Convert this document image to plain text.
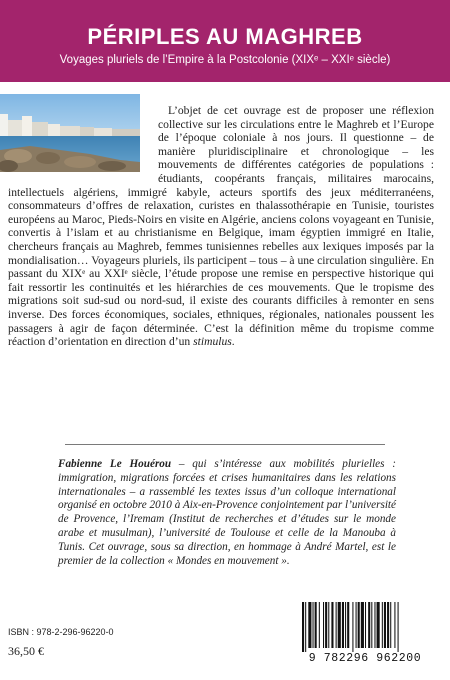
PÉRIPLES AU MAGHREB
Voyages pluriels de l’Empire à la Postcolonie (XIXᵉ – XXIᵉ siècle)
L’objet de cet ouvrage est de proposer une réflexion collective sur les circulations entre le Maghreb et l’Europe de l’époque coloniale à nos jours. Il questionne – de manière pluridisciplinaire et chronologique – les mouvements de différentes catégories de populations : étudiants, coopérants français, militaires marocains, intellectuels algériens, immigré kabyle, acteurs sportifs des jeux méditerranéens, consommateurs d’offres de relaxation, curistes en thalassothérapie en Tunisie, touristes européens au Maroc, Pieds-Noirs en visite en Algérie, anciens colons voyageant en Tunisie, convertis à l’islam et au christianisme en Belgique, imam égyptien immigré en Italie, chercheurs français au Maghreb, femmes tunisiennes rebelles aux lexiques imposés par la mondialisation… Voyageurs pluriels, ils participent – tous – à une circulation singulière. En passant du XIXᵉ au XXIᵉ siècle, l’étude propose une remise en perspective historique qui fait ressortir les continuités et les hiérarchies de ces mouvements. Que le tropisme des migrations soit sud-sud ou nord-sud, il existe des courants difficiles à remonter en sens inverse. Des forces économiques, sociales, ethniques, régionales, nationales poussent les passagers à agir de façon déterminée. C’est la définition même du tropisme comme réaction d’orientation en direction d’un stimulus.
Fabienne Le Houérou – qui s’intéresse aux mobilités plurielles : immigration, migrations forcées et crises humanitaires dans les relations internationales – a rassemblé les textes issus d’un colloque international organisé en octobre 2010 à Aix-en-Provence conjointement par l’université de Provence, l’Iremam (Institut de recherches et d’études sur le monde arabe et musulman), l’université de Toulouse et celle de la Manouba à Tunis. Cet ouvrage, sous sa direction, en hommage à André Martel, est le premier de la collection « Mondes en mouvement ».
ISBN : 978-2-296-96220-0
36,50 €
9 782296 962200
